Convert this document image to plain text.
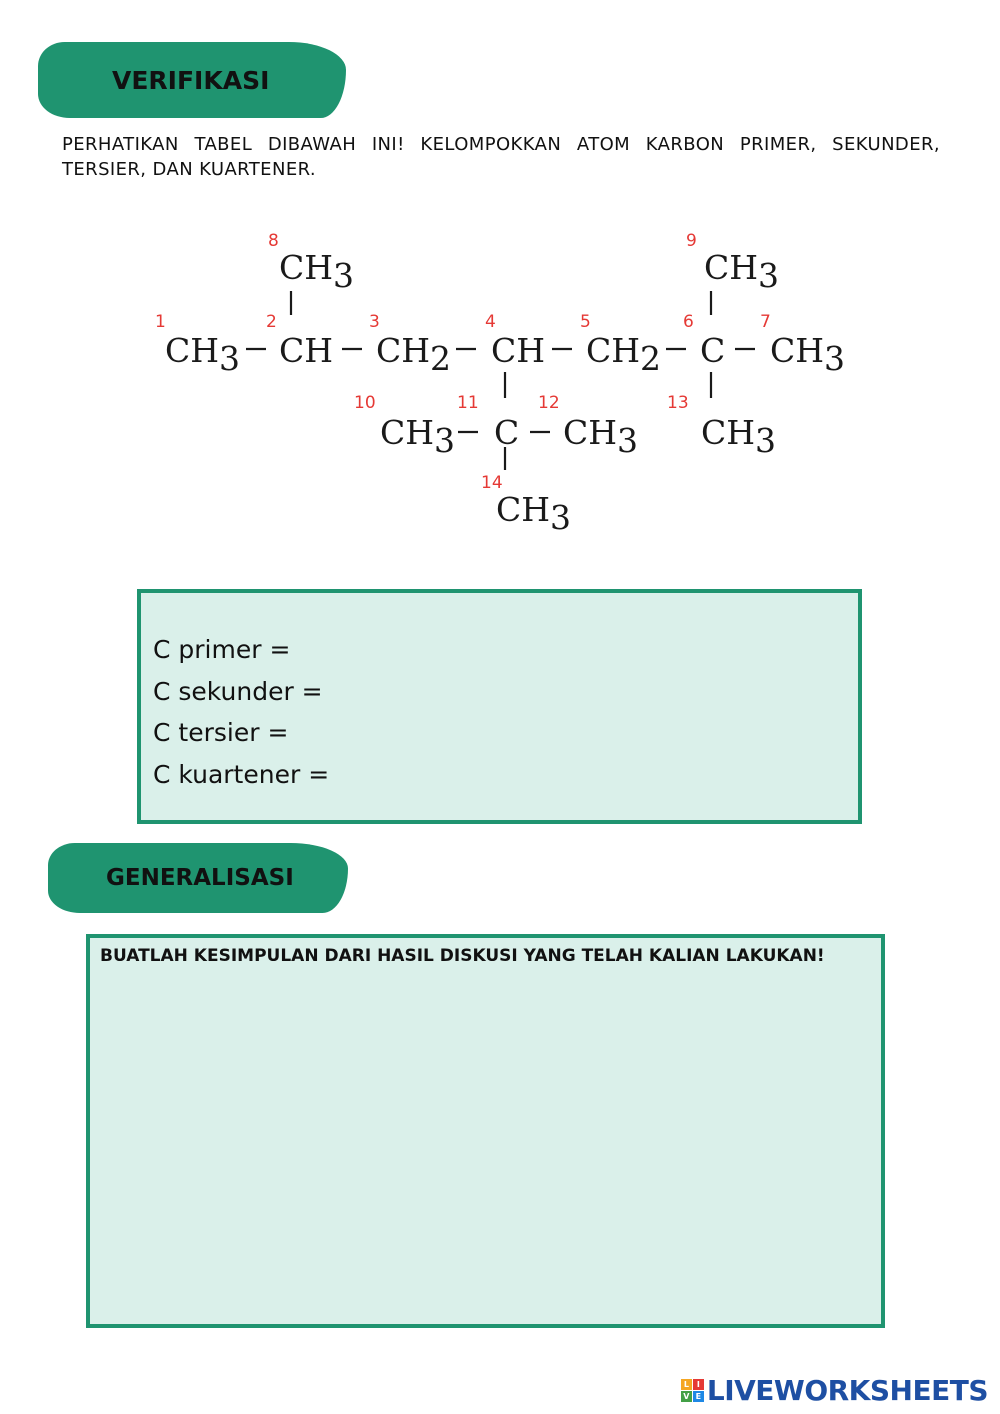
VERIFIKASI

PERHATIKAN TABEL DIBAWAH INI! KELOMPOKKAN ATOM KARBON PRIMER, SEKUNDER, TERSIER, DAN KUARTENER.

CH3 CH CH2 CH CH2 C CH3
CH3	CH3
CH3 C CH3 CH3
CH3
1	2	3	4	5	6	7
8	9
10	11	12	13
14
C primer =
C sekunder =
C tersier =
C kuartener =
GENERALISASI

BUATLAH KESIMPULAN DARI HASIL DISKUSI YANG TELAH KALIAN LAKUKAN!

L I
V E LIVEWORKSHEETS
